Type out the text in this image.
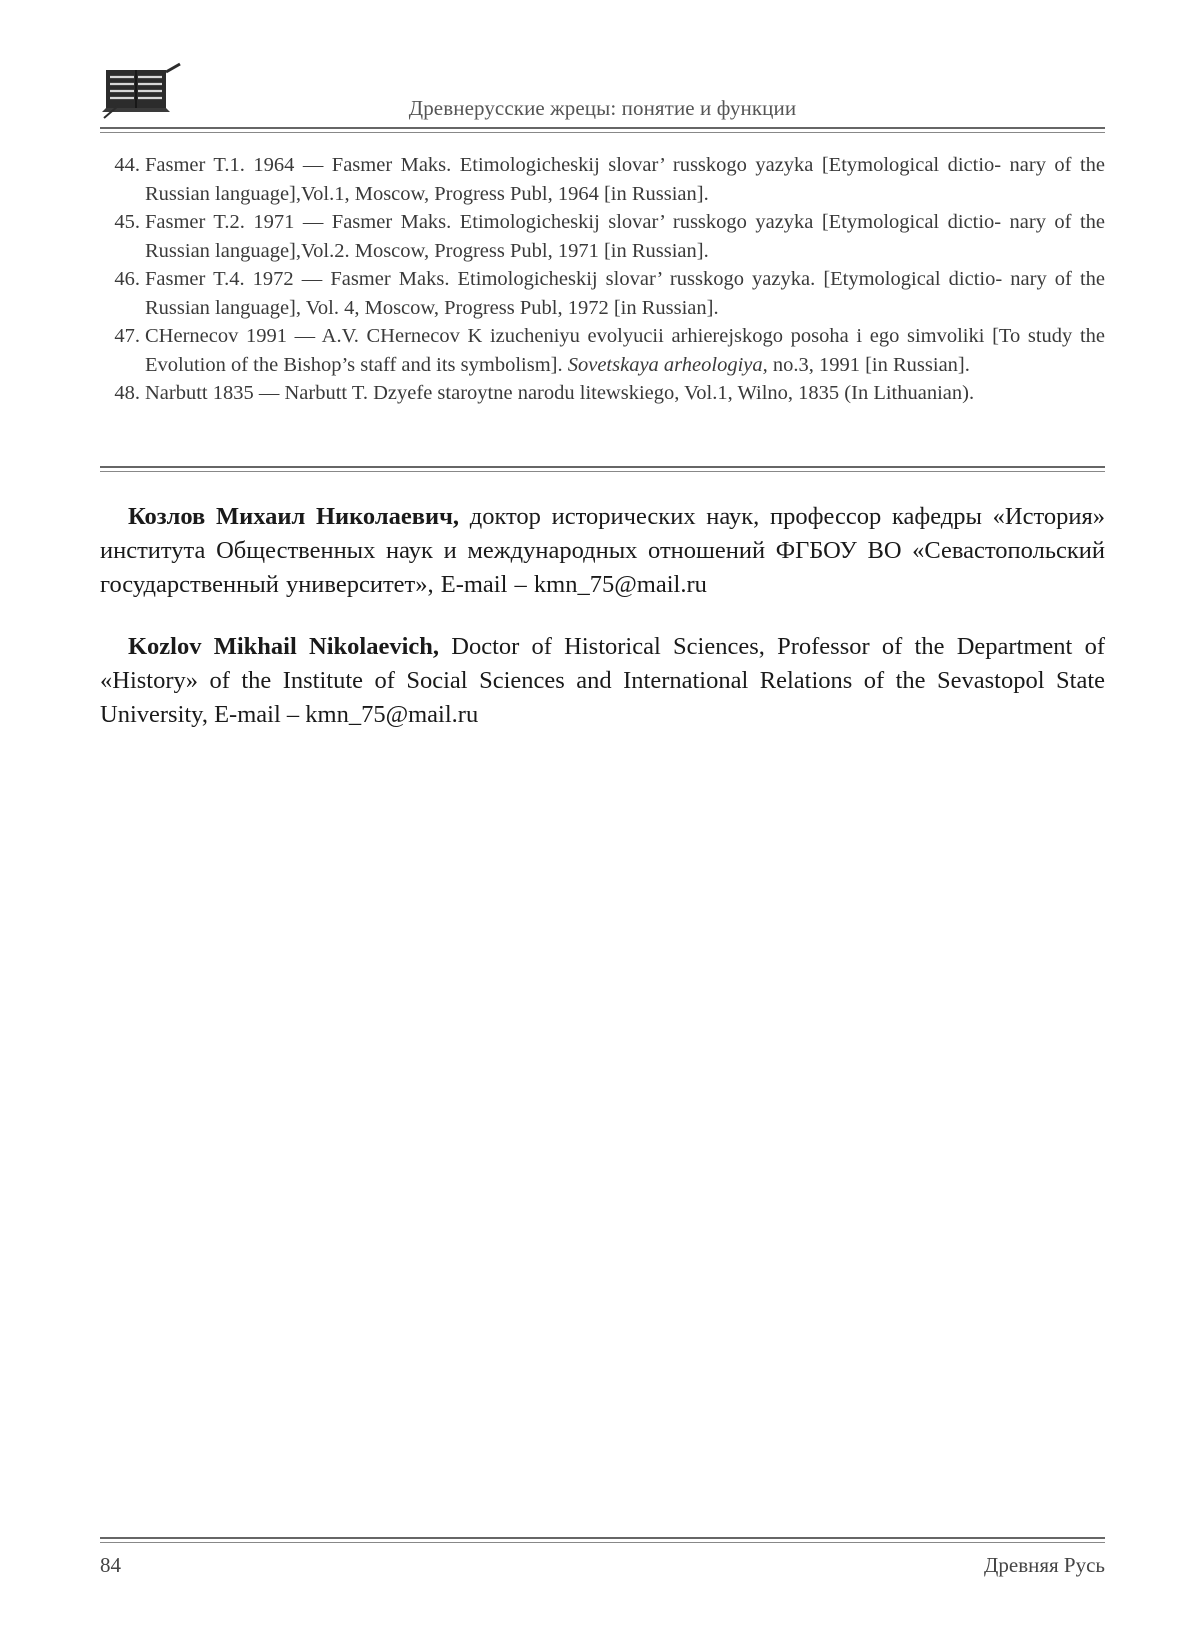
Древнерусские жрецы: понятие и функции
44. Fasmer T.1. 1964 — Fasmer Maks. Etimologicheskij slovar’ russkogo yazyka [Etymological dictio- nary of the Russian language],Vol.1, Moscow, Progress Publ, 1964 [in Russian].
45. Fasmer T.2. 1971 — Fasmer Maks. Etimologicheskij slovar’ russkogo yazyka [Etymological dictio- nary of the Russian language],Vol.2. Moscow, Progress Publ, 1971 [in Russian].
46. Fasmer T.4. 1972 — Fasmer Maks. Etimologicheskij slovar’ russkogo yazyka. [Etymological dictio- nary of the Russian language], Vol. 4, Moscow, Progress Publ, 1972 [in Russian].
47. CHernecov 1991 — A.V. CHernecov K izucheniyu evolyucii arhierejskogo posoha i ego simvoliki [To study the Evolution of the Bishop’s staff and its symbolism]. Sovetskaya arheologiya, no.3, 1991 [in Russian].
48. Narbutt 1835 — Narbutt T. Dzyefe staroytne narodu litewskiego, Vol.1, Wilno, 1835 (In Lithuanian).

Козлов Михаил Николаевич, доктор исторических наук, профессор кафедры «История» института Общественных наук и международных отношений ФГБОУ ВО «Севастопольский государственный университет», E-mail – kmn_75@mail.ru

Kozlov Mikhail Nikolaevich, Doctor of Historical Sciences, Professor of the Department of «History» of the Institute of Social Sciences and International Relations of the Sevastopol State University, E-mail – kmn_75@mail.ru

84	Древняя Русь
